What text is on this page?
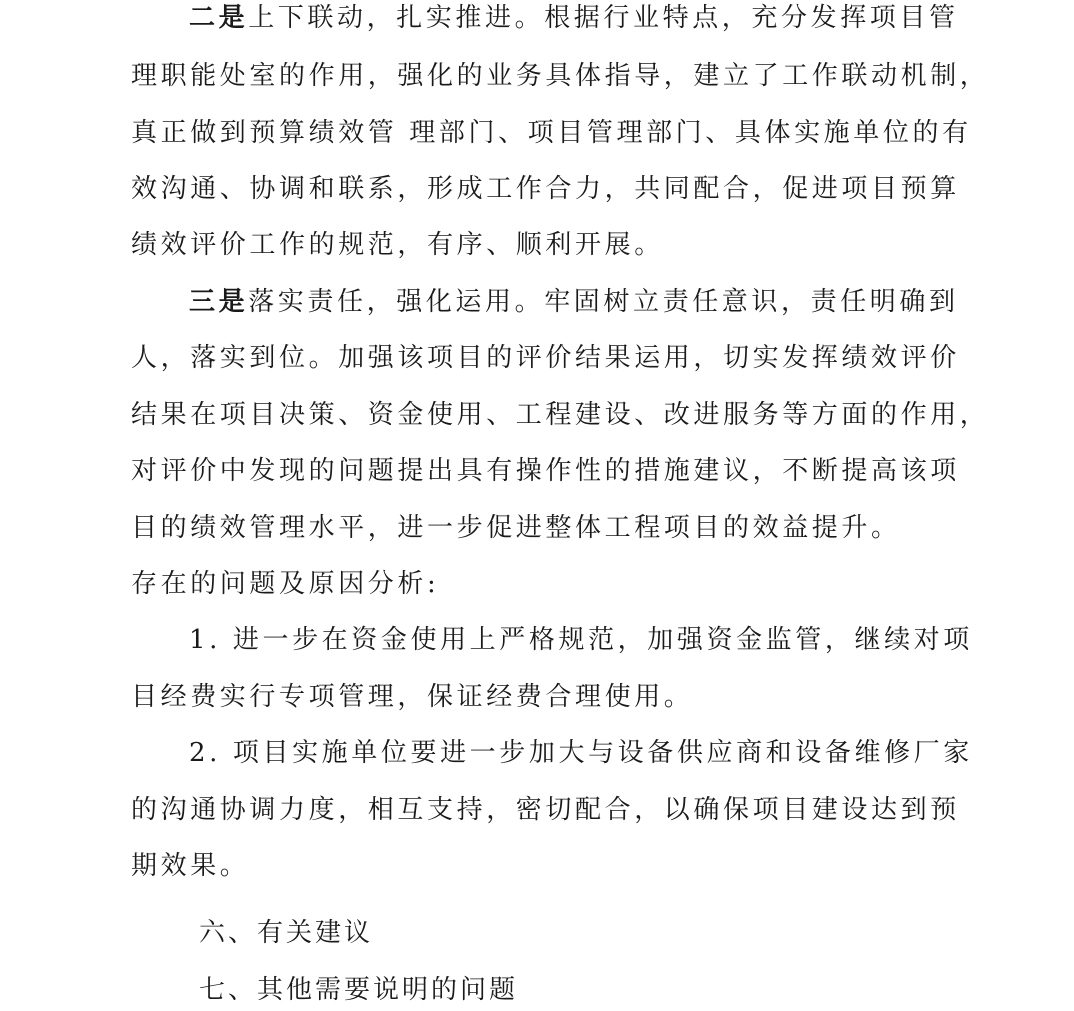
二是上下联动，扎实推进。根据行业特点，充分发挥项目管
理职能处室的作用，强化的业务具体指导，建立了工作联动机制，
真正做到预算绩效管 理部门、项目管理部门、具体实施单位的有
效沟通、协调和联系，形成工作合力，共同配合，促进项目预算
绩效评价工作的规范，有序、顺利开展。
三是落实责任，强化运用。牢固树立责任意识，责任明确到
人，落实到位。加强该项目的评价结果运用，切实发挥绩效评价
结果在项目决策、资金使用、工程建设、改进服务等方面的作用，
对评价中发现的问题提出具有操作性的措施建议，不断提高该项
目的绩效管理水平，进一步促进整体工程项目的效益提升。
存在的问题及原因分析:
1. 进一步在资金使用上严格规范，加强资金监管，继续对项
目经费实行专项管理，保证经费合理使用。
2. 项目实施单位要进一步加大与设备供应商和设备维修厂家
的沟通协调力度，相互支持，密切配合，以确保项目建设达到预
期效果。
六、有关建议
七、其他需要说明的问题
